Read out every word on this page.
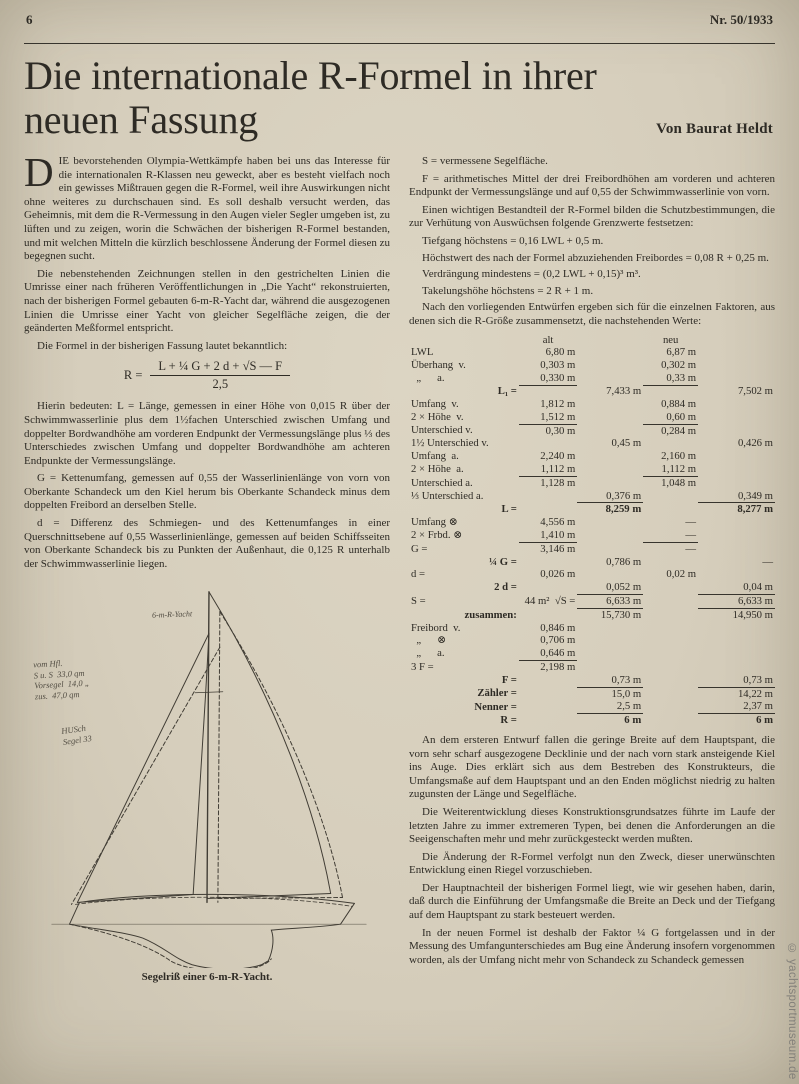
6	Nr. 50/1933
Die internationale R-Formel in ihrer
neuen Fassung	Von Baurat Heldt

DIE bevorstehenden Olympia-Wettkämpfe haben bei uns das Interesse für die internationalen R-Klassen neu geweckt, aber es besteht vielfach noch ein gewisses Mißtrauen gegen die R-Formel, weil ihre Auswirkungen nicht ohne weiteres zu durchschauen sind. Es soll deshalb versucht werden, das Geheimnis, mit dem die R-Vermessung in den Augen vieler Segler umgeben ist, zu lüften und zu zeigen, worin die Schwächen der bisherigen R-Formel bestanden, und mit welchen Mitteln die kürzlich beschlossene Änderung der Formel diesen zu begegnen sucht.

Die nebenstehenden Zeichnungen stellen in den gestrichelten Linien die Umrisse einer nach früheren Veröffentlichungen in „Die Yacht“ rekonstruierten, nach der bisherigen Formel gebauten 6-m-R-Yacht dar, während die ausgezogenen Linien die Umrisse einer Yacht von gleicher Segelfläche zeigen, die der geänderten Meßformel entspricht.

Die Formel in der bisherigen Fassung lautet bekanntlich:

$R = \frac{\text{L + ¼ G + 2 d + √S — F}}{2,5}$

Hierin bedeuten: L = Länge, gemessen in einer Höhe von 0,015 R über der Schwimmwasserlinie plus dem 1½fachen Unterschied zwischen Umfang und doppelter Bordwandhöhe am vorderen Endpunkt der Vermessungslänge plus ⅓ des Unterschiedes zwischen Umfang und doppelter Bordwandhöhe am achteren Endpunkte der Vermessungslänge.

G = Kettenumfang, gemessen auf 0,55 der Wasserlinienlänge von vorn von Oberkante Schandeck um den Kiel herum bis Oberkante Schandeck minus dem doppelten Freibord an derselben Stelle.

d = Differenz des Schmiegen- und des Kettenumfanges in einer Querschnittsebene auf 0,55 Wasserlinienlänge, gemessen auf beiden Schiffsseiten von Oberkante Schandeck bis zu Punkten der Außenhaut, die 0,125 R unterhalb der Schwimmwasserlinie liegen.

6-m-R-Yacht
vom Hfl.
S u. S  33,0 qm
Vorsegel  14,0 „
zus.  47,0 qm
HUSch
Segel 33
Segelriß einer 6-m-R-Yacht.

S = vermessene Segelfläche.

F = arithmetisches Mittel der drei Freibordhöhen am vorderen und achteren Endpunkt der Vermessungslänge und auf 0,55 der Schwimmwasserlinie von vorn.

Einen wichtigen Bestandteil der R-Formel bilden die Schutzbestimmungen, die zur Verhütung von Auswüchsen folgende Grenzwerte festsetzen:

Tiefgang höchstens = 0,16 LWL + 0,5 m.

Höchstwert des nach der Formel abzuziehenden Freibordes = 0,08 R + 0,25 m.

Verdrängung mindestens = (0,2 LWL + 0,15)³ m³.

Takelungshöhe höchstens = 2 R + 1 m.

Nach den vorliegenden Entwürfen ergeben sich für die einzelnen Faktoren, aus denen sich die R-Größe zusammensetzt, die nachstehenden Werte:

	alt		neu	
LWL	6,80 m		6,87 m	
Überhang  v.	0,303 m		0,302 m	
„      a.	0,330 m		0,33 m	
L₁ =		7,433 m		7,502 m
Umfang  v.	1,812 m		0,884 m	
2 × Höhe  v.	1,512 m		0,60 m	
Unterschied v.	0,30 m		0,284 m	
1½ Unterschied v.		0,45 m		0,426 m
Umfang  a.	2,240 m		2,160 m	
2 × Höhe  a.	1,112 m		1,112 m	
Unterschied a.	1,128 m		1,048 m	
⅓ Unterschied a.		0,376 m		0,349 m
L =		8,259 m		8,277 m
Umfang ⊗	4,556 m		—	
2 × Frbd. ⊗	1,410 m		—	
G =	3,146 m		—	
¼ G =		0,786 m		—
d =	0,026 m		0,02 m	
2 d =		0,052 m		0,04 m
S =	44 m²  √S =	6,633 m		6,633 m
zusammen:		15,730 m		14,950 m
Freibord  v.	0,846 m			
„      ⊗	0,706 m			
„      a.	0,646 m			
3 F =	2,198 m			
F =		0,73 m		0,73 m
Zähler =		15,0 m		14,22 m
Nenner =		2,5 m		2,37 m
R =		6 m		6 m

An dem ersteren Entwurf fallen die geringe Breite auf dem Hauptspant, die vorn sehr scharf ausgezogene Decklinie und der nach vorn stark ansteigende Kiel ins Auge. Dies erklärt sich aus dem Bestreben des Konstrukteurs, die Umfangsmaße auf dem Hauptspant und an den Enden möglichst niedrig zu halten zugunsten der Länge und Segelfläche.

Die Weiterentwicklung dieses Konstruktionsgrundsatzes führte im Laufe der letzten Jahre zu immer extremeren Typen, bei denen die Anforderungen an die Seeigenschaften mehr und mehr zurückgesteckt werden mußten.

Die Änderung der R-Formel verfolgt nun den Zweck, dieser unerwünschten Entwicklung einen Riegel vorzuschieben.

Der Hauptnachteil der bisherigen Formel liegt, wie wir gesehen haben, darin, daß durch die Einführung der Umfangsmaße die Breite an Deck und der Tiefgang auf dem Hauptspant zu stark besteuert werden.

In der neuen Formel ist deshalb der Faktor ¼ G fortgelassen und in der Messung des Umfangunterschiedes am Bug eine Änderung insofern vorgenommen worden, als der Umfang nicht mehr von Schandeck zu Schandeck gemessen	© yachtsportmuseum.de
